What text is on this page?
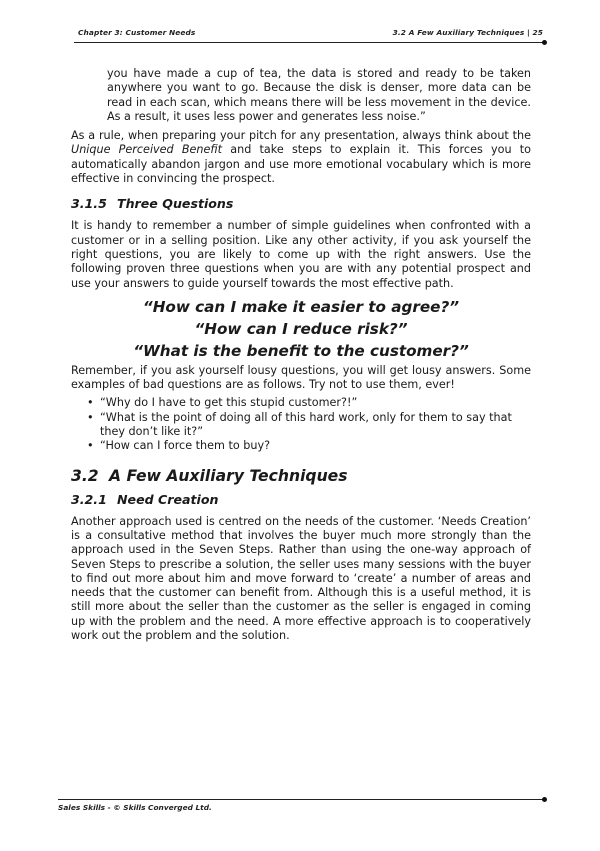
Chapter 3: Customer Needs	3.2 A Few Auxiliary Techniques | 25

you have made a cup of tea, the data is stored and ready to be taken anywhere you want to go. Because the disk is denser, more data can be read in each scan, which means there will be less movement in the device. As a result, it uses less power and generates less noise.”

As a rule, when preparing your pitch for any presentation, always think about the Unique Perceived Benefit and take steps to explain it. This forces you to automatically abandon jargon and use more emotional vocabulary which is more effective in convincing the prospect.

3.1.5 Three Questions

It is handy to remember a number of simple guidelines when confronted with a customer or in a selling position. Like any other activity, if you ask yourself the right questions, you are likely to come up with the right answers. Use the following proven three questions when you are with any potential prospect and use your answers to guide yourself towards the most effective path.

“How can I make it easier to agree?”

“How can I reduce risk?”

“What is the benefit to the customer?”

Remember, if you ask yourself lousy questions, you will get lousy answers. Some examples of bad questions are as follows. Try not to use them, ever!

• “Why do I have to get this stupid customer?!”
• “What is the point of doing all of this hard work, only for them to say that they don’t like it?”
• “How can I force them to buy?
3.2 A Few Auxiliary Techniques
3.2.1 Need Creation

Another approach used is centred on the needs of the customer. ‘Needs Creation’ is a consultative method that involves the buyer much more strongly than the approach used in the Seven Steps. Rather than using the one-way approach of Seven Steps to prescribe a solution, the seller uses many sessions with the buyer to find out more about him and move forward to ‘create’ a number of areas and needs that the customer can benefit from. Although this is a useful method, it is still more about the seller than the customer as the seller is engaged in coming up with the problem and the need. A more effective approach is to cooperatively work out the problem and the solution.

Sales Skills - © Skills Converged Ltd.
